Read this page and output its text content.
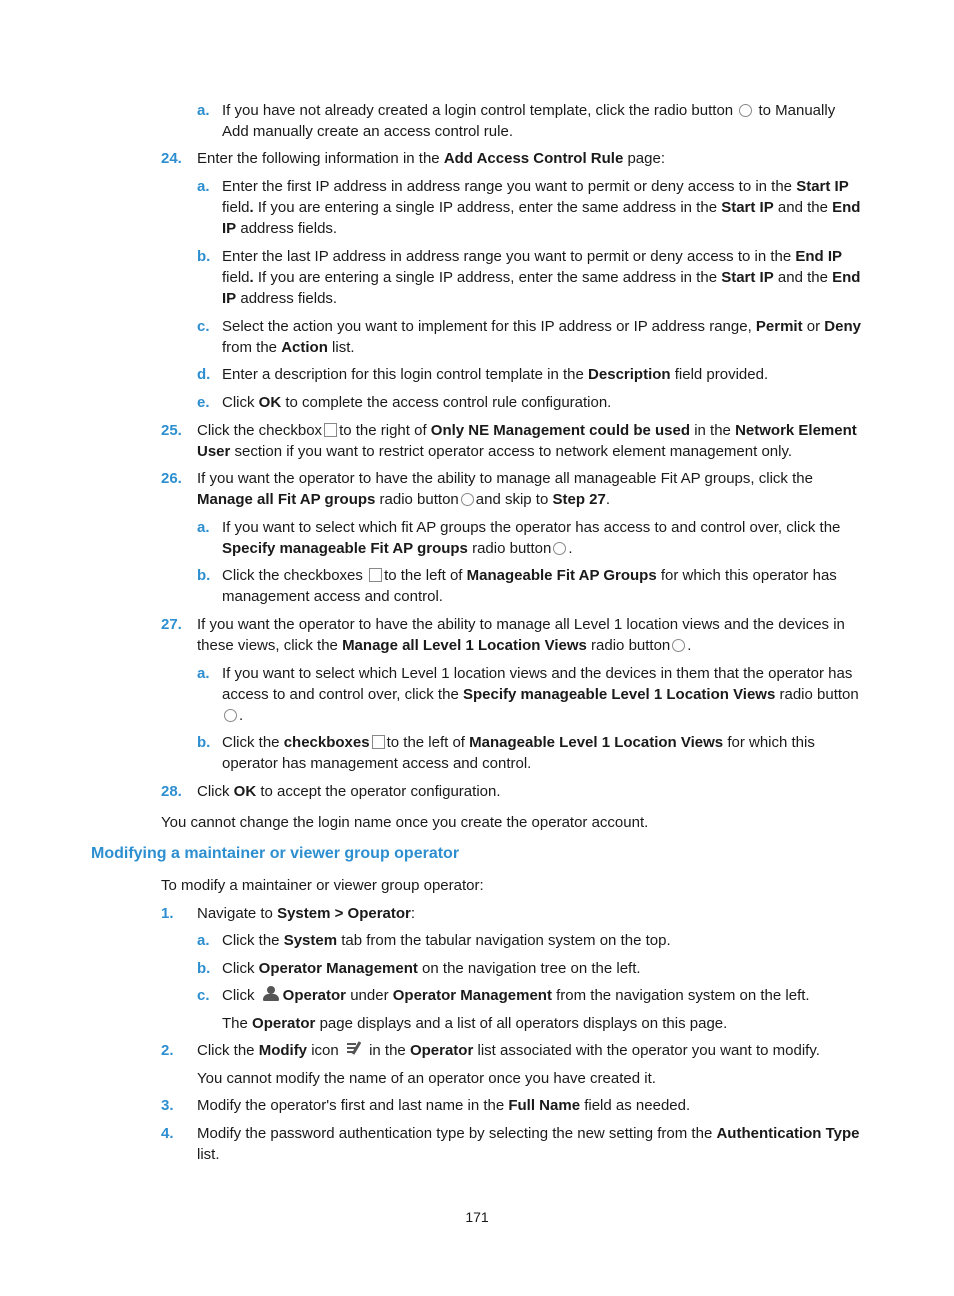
a. If you have not already created a login control template, click the radio button to Manually Add manually create an access control rule.
24. Enter the following information in the Add Access Control Rule page:
a. Enter the first IP address in address range you want to permit or deny access to in the Start IP field. If you are entering a single IP address, enter the same address in the Start IP and the End IP address fields.
b. Enter the last IP address in address range you want to permit or deny access to in the End IP field. If you are entering a single IP address, enter the same address in the Start IP and the End IP address fields.
c. Select the action you want to implement for this IP address or IP address range, Permit or Deny from the Action list.
d. Enter a description for this login control template in the Description field provided.
e. Click OK to complete the access control rule configuration.
25. Click the checkbox to the right of Only NE Management could be used in the Network Element User section if you want to restrict operator access to network element management only.
26. If you want the operator to have the ability to manage all manageable Fit AP groups, click the Manage all Fit AP groups radio button and skip to Step 27.
a. If you want to select which fit AP groups the operator has access to and control over, click the Specify manageable Fit AP groups radio button .
b. Click the checkboxes to the left of Manageable Fit AP Groups for which this operator has management access and control.
27. If you want the operator to have the ability to manage all Level 1 location views and the devices in these views, click the Manage all Level 1 Location Views radio button .
a. If you want to select which Level 1 location views and the devices in them that the operator has access to and control over, click the Specify manageable Level 1 Location Views radio button
.
b. Click the checkboxes to the left of Manageable Level 1 Location Views for which this operator has management access and control.
28. Click OK to accept the operator configuration.
You cannot change the login name once you create the operator account.
Modifying a maintainer or viewer group operator
To modify a maintainer or viewer group operator:
1. Navigate to System > Operator:
a. Click the System tab from the tabular navigation system on the top.
b. Click Operator Management on the navigation tree on the left.
c. Click Operator under Operator Management from the navigation system on the left.
The Operator page displays and a list of all operators displays on this page.
2. Click the Modify icon in the Operator list associated with the operator you want to modify.
You cannot modify the name of an operator once you have created it.
3. Modify the operator's first and last name in the Full Name field as needed.
4. Modify the password authentication type by selecting the new setting from the Authentication Type list.
171
